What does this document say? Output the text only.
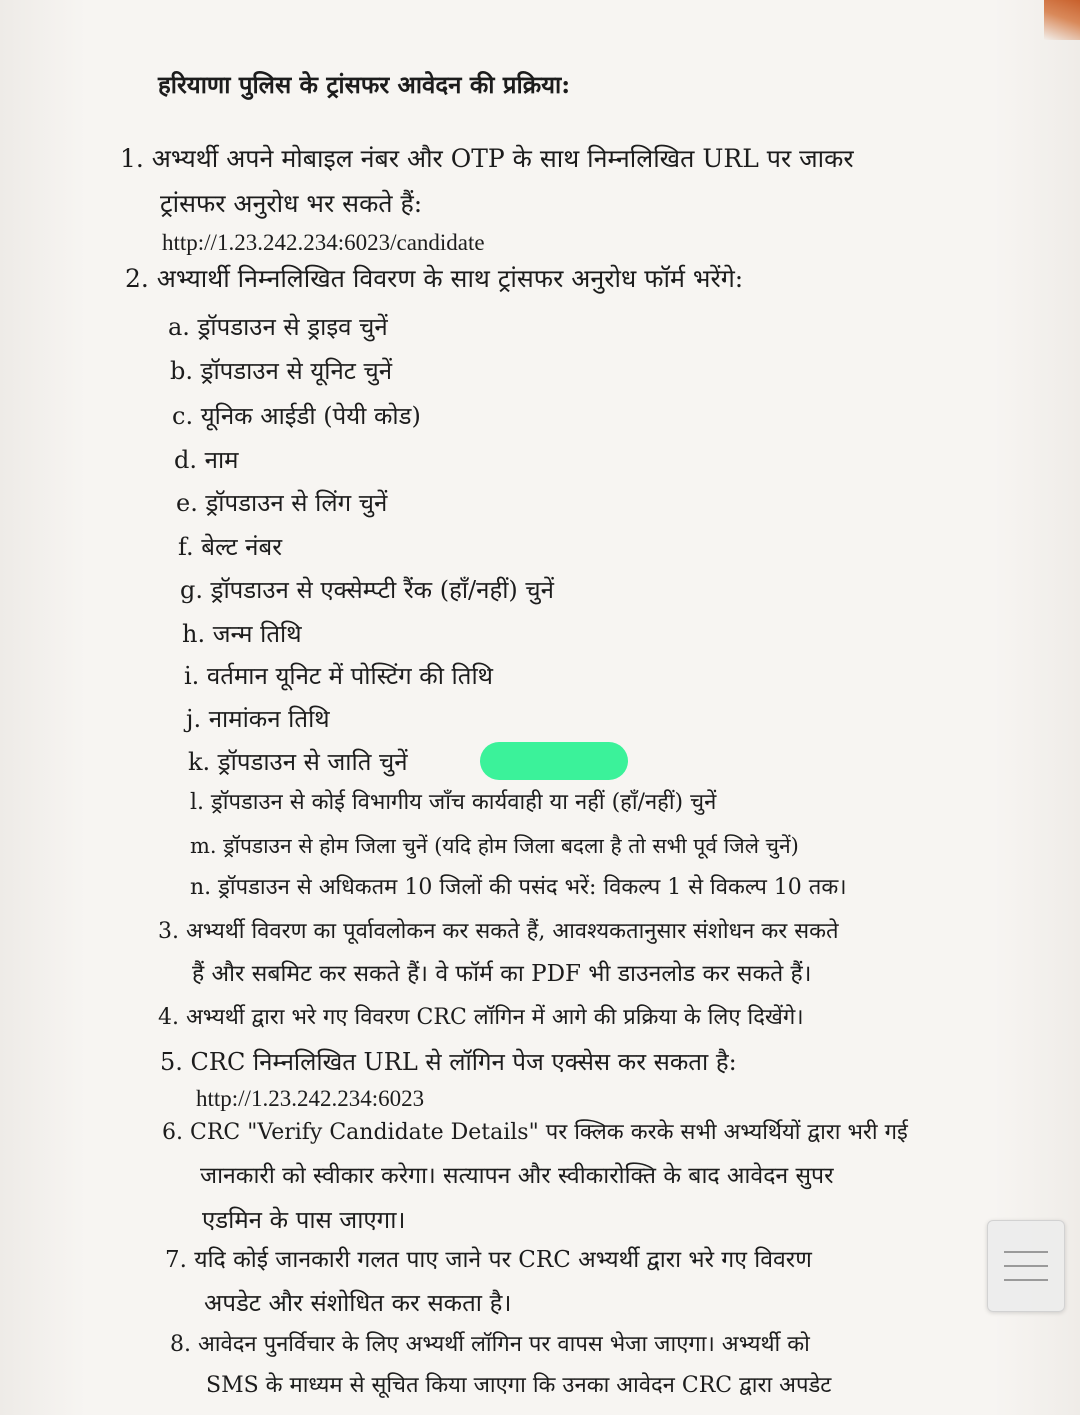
हरियाणा पुलिस के ट्रांसफर आवेदन की प्रक्रिया:
1. अभ्यर्थी अपने मोबाइल नंबर और OTP के साथ निम्नलिखित URL पर जाकर
ट्रांसफर अनुरोध भर सकते हैं:
http://1.23.242.234:6023/candidate
2. अभ्यार्थी निम्नलिखित विवरण के साथ ट्रांसफर अनुरोध फॉर्म भरेंगे:
a. ड्रॉपडाउन से ड्राइव चुनें
b. ड्रॉपडाउन से यूनिट चुनें
c. यूनिक आईडी (पेयी कोड)
d. नाम
e. ड्रॉपडाउन से लिंग चुनें
f. बेल्ट नंबर
g. ड्रॉपडाउन से एक्सेम्प्टी रैंक (हाँ/नहीं) चुनें
h. जन्म तिथि
i. वर्तमान यूनिट में पोस्टिंग की तिथि
j. नामांकन तिथि
k. ड्रॉपडाउन से जाति चुनें
l. ड्रॉपडाउन से कोई विभागीय जाँच कार्यवाही या नहीं (हाँ/नहीं) चुनें
m. ड्रॉपडाउन से होम जिला चुनें (यदि होम जिला बदला है तो सभी पूर्व जिले चुनें)
n. ड्रॉपडाउन से अधिकतम 10 जिलों की पसंद भरें: विकल्प 1 से विकल्प 10 तक।
3. अभ्यर्थी विवरण का पूर्वावलोकन कर सकते हैं, आवश्यकतानुसार संशोधन कर सकते
हैं और सबमिट कर सकते हैं। वे फॉर्म का PDF भी डाउनलोड कर सकते हैं।
4. अभ्यर्थी द्वारा भरे गए विवरण CRC लॉगिन में आगे की प्रक्रिया के लिए दिखेंगे।
5. CRC निम्नलिखित URL से लॉगिन पेज एक्सेस कर सकता है:
http://1.23.242.234:6023
6. CRC "Verify Candidate Details" पर क्लिक करके सभी अभ्यर्थियों द्वारा भरी गई
जानकारी को स्वीकार करेगा। सत्यापन और स्वीकारोक्ति के बाद आवेदन सुपर
एडमिन के पास जाएगा।
7. यदि कोई जानकारी गलत पाए जाने पर CRC अभ्यर्थी द्वारा भरे गए विवरण
अपडेट और संशोधित कर सकता है।
8. आवेदन पुनर्विचार के लिए अभ्यर्थी लॉगिन पर वापस भेजा जाएगा। अभ्यर्थी को
SMS के माध्यम से सूचित किया जाएगा कि उनका आवेदन CRC द्वारा अपडेट
